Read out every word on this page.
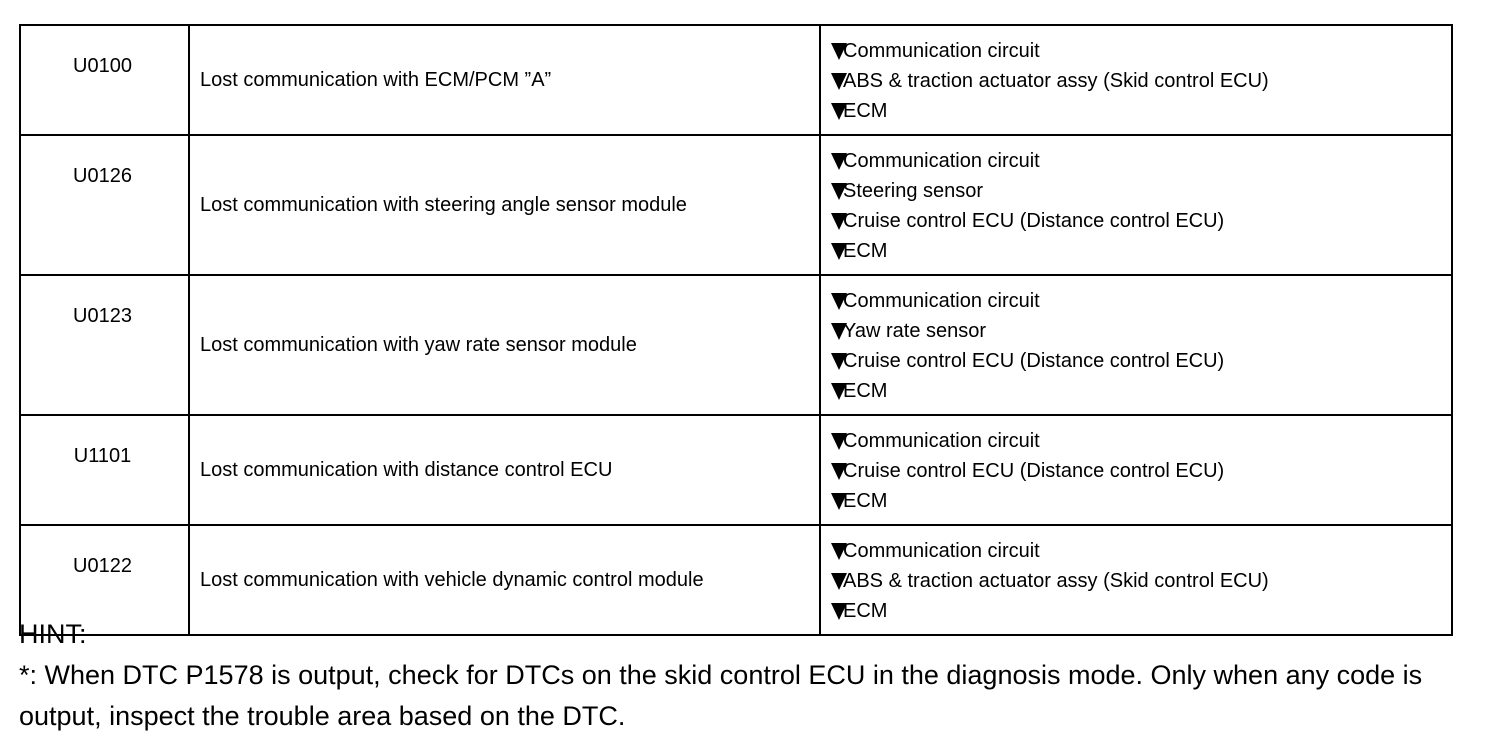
U0100	Lost communication with ECM/PCM ”A”	Communication circuit
ABS & traction actuator assy (Skid control ECU)
ECM

U0126	Lost communication with steering angle sensor module	Communication circuit
Steering sensor
Cruise control ECU (Distance control ECU)
ECM

U0123	Lost communication with yaw rate sensor module	Communication circuit
Yaw rate sensor
Cruise control ECU (Distance control ECU)
ECM

U1101	Lost communication with distance control ECU	Communication circuit
Cruise control ECU (Distance control ECU)
ECM

U0122	Lost communication with vehicle dynamic control module	Communication circuit
ABS & traction actuator assy (Skid control ECU)
ECM

HINT:

*: When DTC P1578 is output, check for DTCs on the skid control ECU in the diagnosis mode. Only when any code is output, inspect the trouble area based on the DTC.
